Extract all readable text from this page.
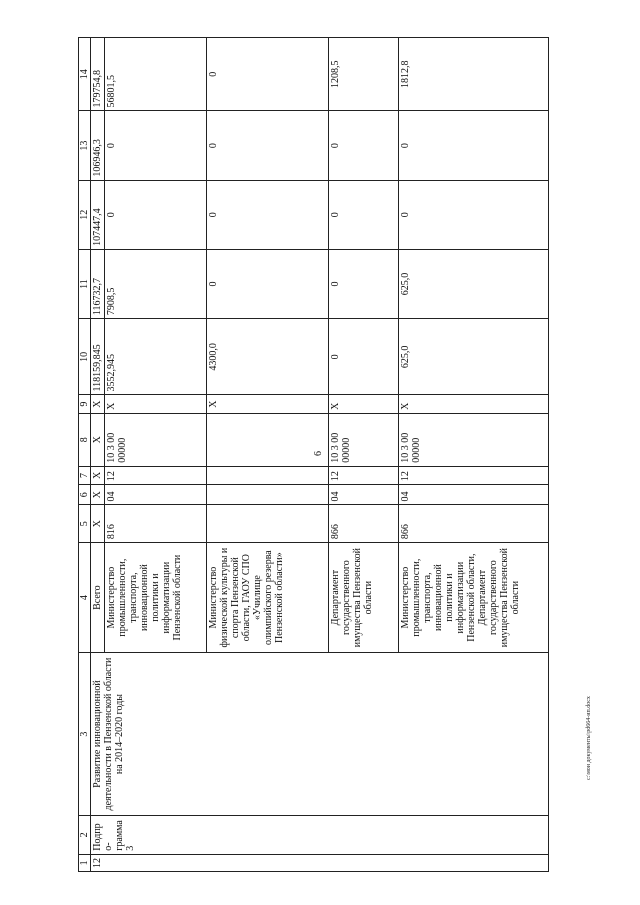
6
c:\мои документы\pd664-ип.docx
1	2	3	4	5	6	7	8	9	10	11	12	13	14
12	Подпро-грамма 3	Развитие инновационной деятельности в Пензенской области на 2014–2020 годы	Всего	X	X	X	X	X	118159,845	116732,7	107447,4	106946,3	179754,8
			Министерство промышленности, транспорта, инновационной политики и информатизации Пензенской области	816	04	12	10 3 00 00000	X	3552,945	7908,5	0	0	56801,5
			Министерство физической культуры и спорта Пензенской области, ГАОУ СПО «Училище олимпийского резерва Пензенской области»					X	4300,0	0	0	0	0
			Департамент государственного имущества Пензенской области	866	04	12	10 3 00 00000	X	0	0	0	0	1208,5
			Министерство промышленности, транспорта, инновационной политики и информатизации Пензенской области, Департамент государственного имущества Пензенской области	866	04	12	10 3 00 00000	X	625,0	625,0	0	0	1812,8
